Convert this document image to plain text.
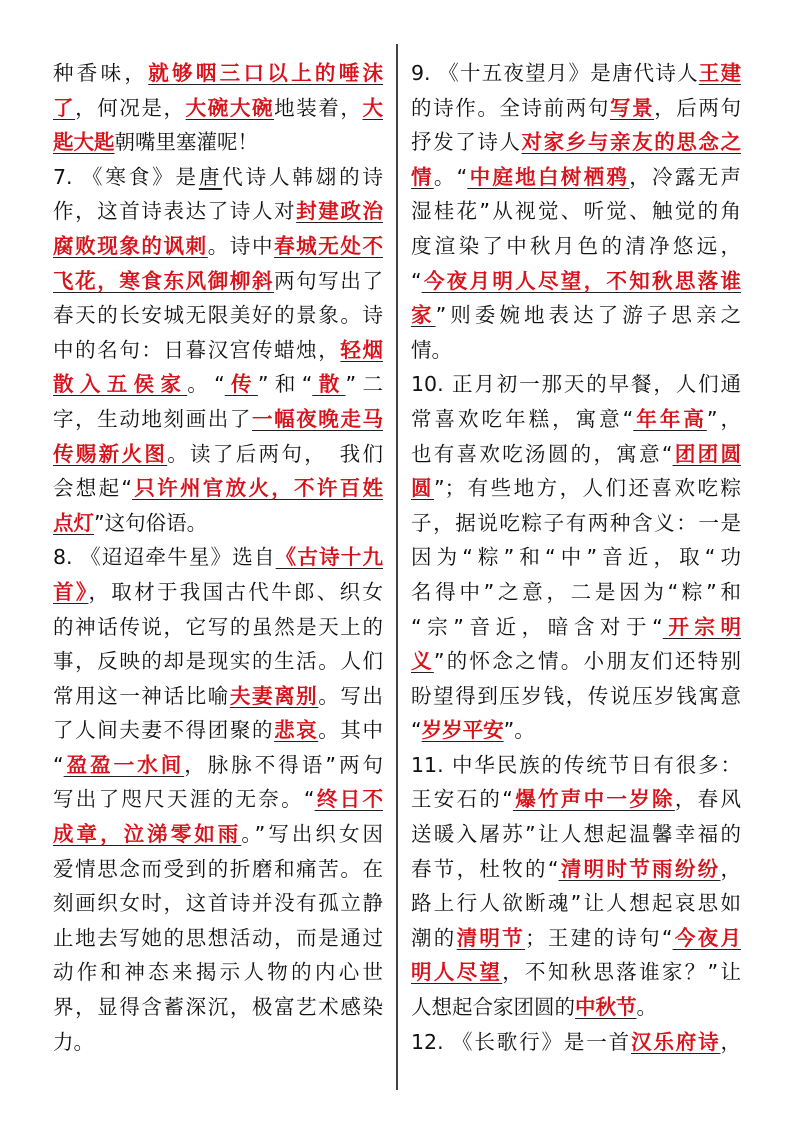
种香味，就够咽三口以上的唾沫
了，何况是，大碗大碗地装着，大
匙大匙朝嘴里塞灌呢！
7. 《寒食》是唐代诗人韩翃的诗
作，这首诗表达了诗人对封建政治
腐败现象的讽刺。诗中春城无处不
飞花，寒食东风御柳斜两句写出了
春天的长安城无限美好的景象。诗
中的名句：日暮汉宫传蜡烛，轻烟
散入五侯家。“传”和“散”二
字，生动地刻画出了一幅夜晚走马
传赐新火图。读了后两句，　我们
会想起“只许州官放火，不许百姓
点灯”这句俗语。
8. 《迢迢牵牛星》选自《古诗十九
首》，取材于我国古代牛郎、织女
的神话传说，它写的虽然是天上的
事，反映的却是现实的生活。人们
常用这一神话比喻夫妻离别。写出
了人间夫妻不得团聚的悲哀。其中
“盈盈一水间，脉脉不得语”两句
写出了咫尺天涯的无奈。“终日不
成章，泣涕零如雨。”写出织女因
爱情思念而受到的折磨和痛苦。在
刻画织女时，这首诗并没有孤立静
止地去写她的思想活动，而是通过
动作和神态来揭示人物的内心世
界，显得含蓄深沉，极富艺术感染
力。
9. 《十五夜望月》是唐代诗人王建
的诗作。全诗前两句写景，后两句
抒发了诗人对家乡与亲友的思念之
情。“中庭地白树栖鸦，冷露无声
湿桂花”从视觉、听觉、触觉的角
度渲染了中秋月色的清净悠远，
“今夜月明人尽望，不知秋思落谁
家”则委婉地表达了游子思亲之
情。
10. 正月初一那天的早餐，人们通
常喜欢吃年糕，寓意“年年高”，
也有喜欢吃汤圆的，寓意“团团圆
圆”；有些地方，人们还喜欢吃粽
子，据说吃粽子有两种含义：一是
因为“粽”和“中”音近，取“功
名得中”之意，二是因为“粽”和
“宗”音近，暗含对于“开宗明
义”的怀念之情。小朋友们还特别
盼望得到压岁钱，传说压岁钱寓意
“岁岁平安”。
11. 中华民族的传统节日有很多：
王安石的“爆竹声中一岁除，春风
送暖入屠苏”让人想起温馨幸福的
春节，杜牧的“清明时节雨纷纷，
路上行人欲断魂”让人想起哀思如
潮的清明节；王建的诗句“今夜月
明人尽望，不知秋思落谁家？”让
人想起合家团圆的中秋节。
12. 《长歌行》是一首汉乐府诗，
